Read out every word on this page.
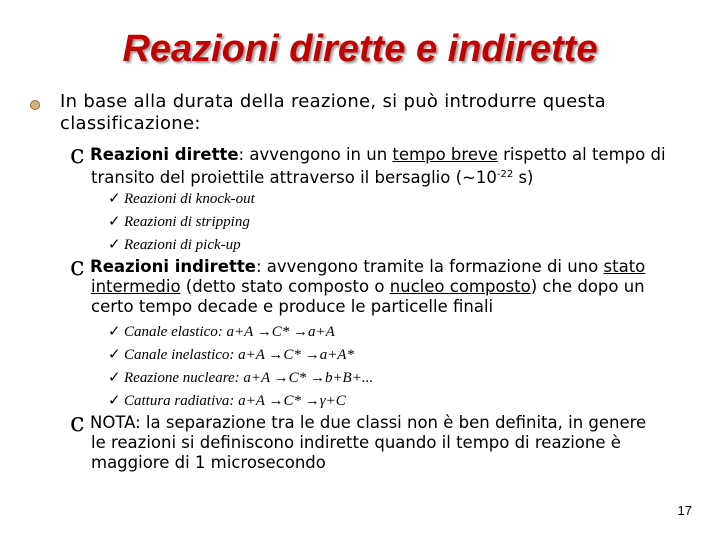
Reazioni dirette e indirette
In base alla durata della reazione, si può introdurre questa classificazione:
c Reazioni dirette: avvengono in un tempo breve rispetto al tempo di
transito del proiettile attraverso il bersaglio ($\sim 10^{-22}$ s)
✓ Reazioni di knock-out
✓ Reazioni di stripping
✓ Reazioni di pick-up
c Reazioni indirette: avvengono tramite la formazione di uno stato
intermedio (detto stato composto o nucleo composto) che dopo un
certo tempo decade e produce le particelle finali
✓ Canale elastico: a+A →C* →a+A
✓ Canale inelastico: a+A →C* →a+A*
✓ Reazione nucleare: a+A →C* →b+B+...
✓ Cattura radiativa: a+A →C* →γ+C
cNOTA: la separazione tra le due classi non è ben definita, in genere
le reazioni si definiscono indirette quando il tempo di reazione è
maggiore di 1 microsecondo
17
